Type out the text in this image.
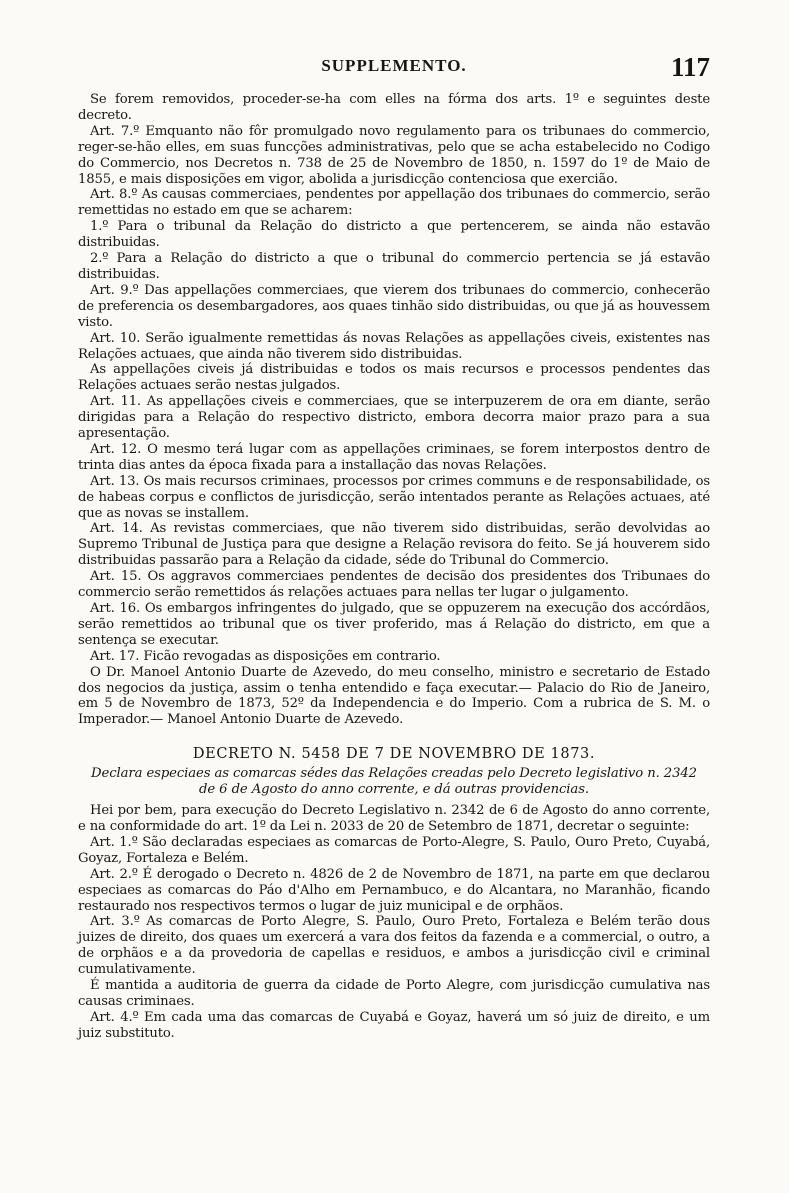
SUPPLEMENTO.	117

Se forem removidos, proceder-se-ha com elles na fórma dos arts. 1º e seguintes deste decreto.

Art. 7.º Emquanto não fôr promulgado novo regulamento para os tribunaes do commercio, reger-se-hão elles, em suas funcções administrativas, pelo que se acha estabelecido no Codigo do Commercio, nos Decretos n. 738 de 25 de Novembro de 1850, n. 1597 do 1º de Maio de 1855, e mais disposições em vigor, abolida a jurisdicção contenciosa que exercião.

Art. 8.º As causas commerciaes, pendentes por appellação dos tribunaes do commercio, serão remettidas no estado em que se acharem:

1.º Para o tribunal da Relação do districto a que pertencerem, se ainda não estavão distribuidas.

2.º Para a Relação do districto a que o tribunal do commercio pertencia se já estavão distribuidas.

Art. 9.º Das appellações commerciaes, que vierem dos tribunaes do commercio, conhecerão de preferencia os desembargadores, aos quaes tinhão sido distribuidas, ou que já as houvessem visto.

Art. 10. Serão igualmente remettidas ás novas Relações as appellações civeis, existentes nas Relações actuaes, que ainda não tiverem sido distribuidas.

As appellações civeis já distribuidas e todos os mais recursos e processos pendentes das Relações actuaes serão nestas julgados.

Art. 11. As appellações civeis e commerciaes, que se interpuzerem de ora em diante, serão dirigidas para a Relação do respectivo districto, embora decorra maior prazo para a sua apresentação.

Art. 12. O mesmo terá lugar com as appellações criminaes, se forem interpostos dentro de trinta dias antes da época fixada para a installação das novas Relações.

Art. 13. Os mais recursos criminaes, processos por crimes communs e de responsabilidade, os de habeas corpus e conflictos de jurisdicção, serão intentados perante as Relações actuaes, até que as novas se installem.

Art. 14. As revistas commerciaes, que não tiverem sido distribuidas, serão devolvidas ao Supremo Tribunal de Justiça para que designe a Relação revisora do feito. Se já houverem sido distribuidas passarão para a Relação da cidade, séde do Tribunal do Commercio.

Art. 15. Os aggravos commerciaes pendentes de decisão dos presidentes dos Tribunaes do commercio serão remettidos ás relações actuaes para nellas ter lugar o julgamento.

Art. 16. Os embargos infringentes do julgado, que se oppuzerem na execução dos accórdãos, serão remettidos ao tribunal que os tiver proferido, mas á Relação do districto, em que a sentença se executar.

Art. 17. Ficão revogadas as disposições em contrario.

O Dr. Manoel Antonio Duarte de Azevedo, do meu conselho, ministro e secretario de Estado dos negocios da justiça, assim o tenha entendido e faça executar.— Palacio do Rio de Janeiro, em 5 de Novembro de 1873, 52º da Independencia e do Imperio. Com a rubrica de S. M. o Imperador.— Manoel Antonio Duarte de Azevedo.

DECRETO N. 5458 DE 7 DE NOVEMBRO DE 1873.
Declara especiaes as comarcas sédes das Relações creadas pelo Decreto legislativo n. 2342 de 6 de Agosto do anno corrente, e dá outras providencias.

Hei por bem, para execução do Decreto Legislativo n. 2342 de 6 de Agosto do anno corrente, e na conformidade do art. 1º da Lei n. 2033 de 20 de Setembro de 1871, decretar o seguinte:

Art. 1.º São declaradas especiaes as comarcas de Porto-Alegre, S. Paulo, Ouro Preto, Cuyabá, Goyaz, Fortaleza e Belém.

Art. 2.º É derogado o Decreto n. 4826 de 2 de Novembro de 1871, na parte em que declarou especiaes as comarcas do Páo d'Alho em Pernambuco, e do Alcantara, no Maranhão, ficando restaurado nos respectivos termos o lugar de juiz municipal e de orphãos.

Art. 3.º As comarcas de Porto Alegre, S. Paulo, Ouro Preto, Fortaleza e Belém terão dous juizes de direito, dos quaes um exercerá a vara dos feitos da fazenda e a commercial, o outro, a de orphãos e a da provedoria de capellas e residuos, e ambos a jurisdicção civil e criminal cumulativamente.

É mantida a auditoria de guerra da cidade de Porto Alegre, com jurisdicção cumulativa nas causas criminaes.

Art. 4.º Em cada uma das comarcas de Cuyabá e Goyaz, haverá um só juiz de direito, e um juiz substituto.
